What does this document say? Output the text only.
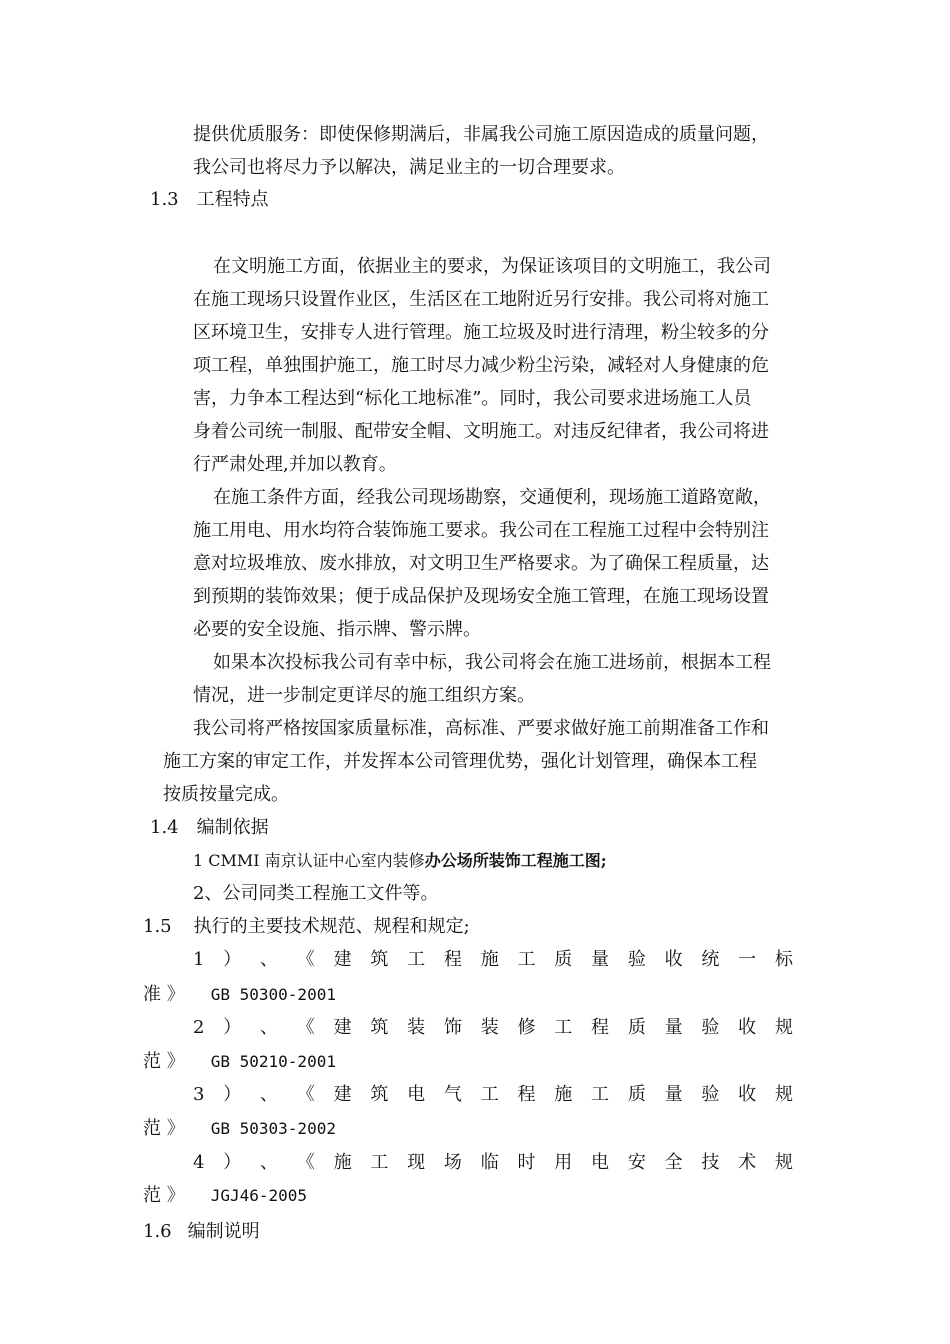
提供优质服务：即使保修期满后，非属我公司施工原因造成的质量问题，

我公司也将尽力予以解决，满足业主的一切合理要求。

1.3 工程特点

在文明施工方面，依据业主的要求，为保证该项目的文明施工，我公司

在施工现场只设置作业区，生活区在工地附近另行安排。我公司将对施工

区环境卫生，安排专人进行管理。施工垃圾及时进行清理，粉尘较多的分

项工程，单独围护施工，施工时尽力减少粉尘污染，减轻对人身健康的危

害，力争本工程达到“标化工地标准”。同时，我公司要求进场施工人员

身着公司统一制服、配带安全帽、文明施工。对违反纪律者，我公司将进

行严肃处理,并加以教育。

在施工条件方面，经我公司现场勘察，交通便利，现场施工道路宽敞，

施工用电、用水均符合装饰施工要求。我公司在工程施工过程中会特别注

意对垃圾堆放、废水排放，对文明卫生严格要求。为了确保工程质量，达

到预期的装饰效果；便于成品保护及现场安全施工管理，在施工现场设置

必要的安全设施、指示牌、警示牌。

如果本次投标我公司有幸中标，我公司将会在施工进场前，根据本工程

情况，进一步制定更详尽的施工组织方案。

我公司将严格按国家质量标准，高标准、严要求做好施工前期准备工作和

施工方案的审定工作，并发挥本公司管理优势，强化计划管理，确保本工程

按质按量完成。

1.4 编制依据

1 CMMI 南京认证中心室内装修办公场所装饰工程施工图;

2、公司同类工程施工文件等。

1.5 执行的主要技术规范、规程和规定;

1 ） 、 《 建 筑 工 程 施 工 质 量 验 收 统 一 标

准 》 GB 50300-2001

2 ） 、 《 建 筑 装 饰 装 修 工 程 质 量 验 收 规

范 》 GB 50210-2001

3 ） 、 《 建 筑 电 气 工 程 施 工 质 量 验 收 规

范 》 GB 50303-2002

4 ） 、 《 施 工 现 场 临 时 用 电 安 全 技 术 规

范 》 JGJ46-2005

1.6 编制说明
